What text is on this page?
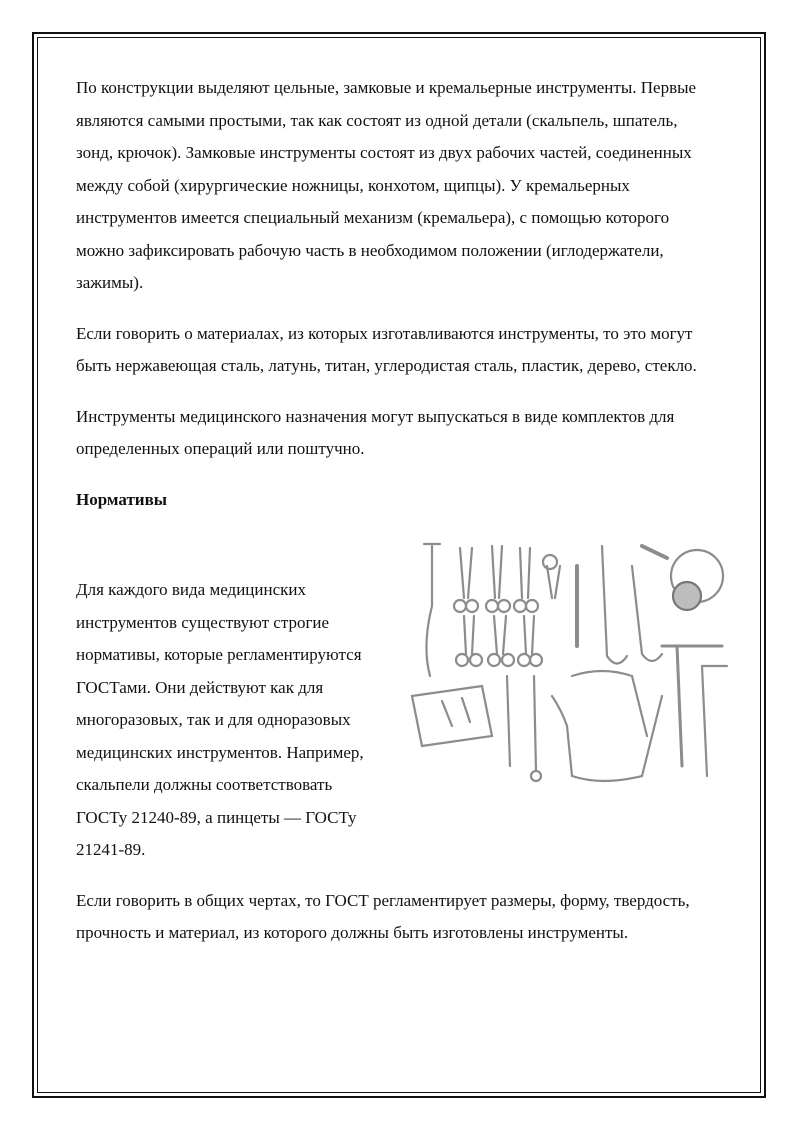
По конструкции выделяют цельные, замковые и кремальерные инструменты. Первые являются самыми простыми, так как состоят из одной детали (скальпель, шпатель, зонд, крючок). Замковые инструменты состоят из двух рабочих частей, соединенных между собой (хирургические ножницы, конхотом, щипцы). У кремальерных инструментов имеется специальный механизм (кремальера), с помощью которого можно зафиксировать рабочую часть в необходимом положении (иглодержатели, зажимы).

Если говорить о материалах, из которых изготавливаются инструменты, то это могут быть нержавеющая сталь, латунь, титан, углеродистая сталь, пластик, дерево, стекло.

Инструменты медицинского назначения могут выпускаться в виде комплектов для определенных операций или поштучно.

Нормативы

Для каждого вида медицинских инструментов существуют строгие нормативы, которые регламентируются ГОСТами. Они действуют как для многоразовых, так и для одноразовых медицинских инструментов. Например, скальпели должны соответствовать ГОСТу 21240-89, а пинцеты — ГОСТу 21241-89.

Если говорить в общих чертах, то ГОСТ регламентирует размеры, форму, твердость, прочность и материал, из которого должны быть изготовлены инструменты.
